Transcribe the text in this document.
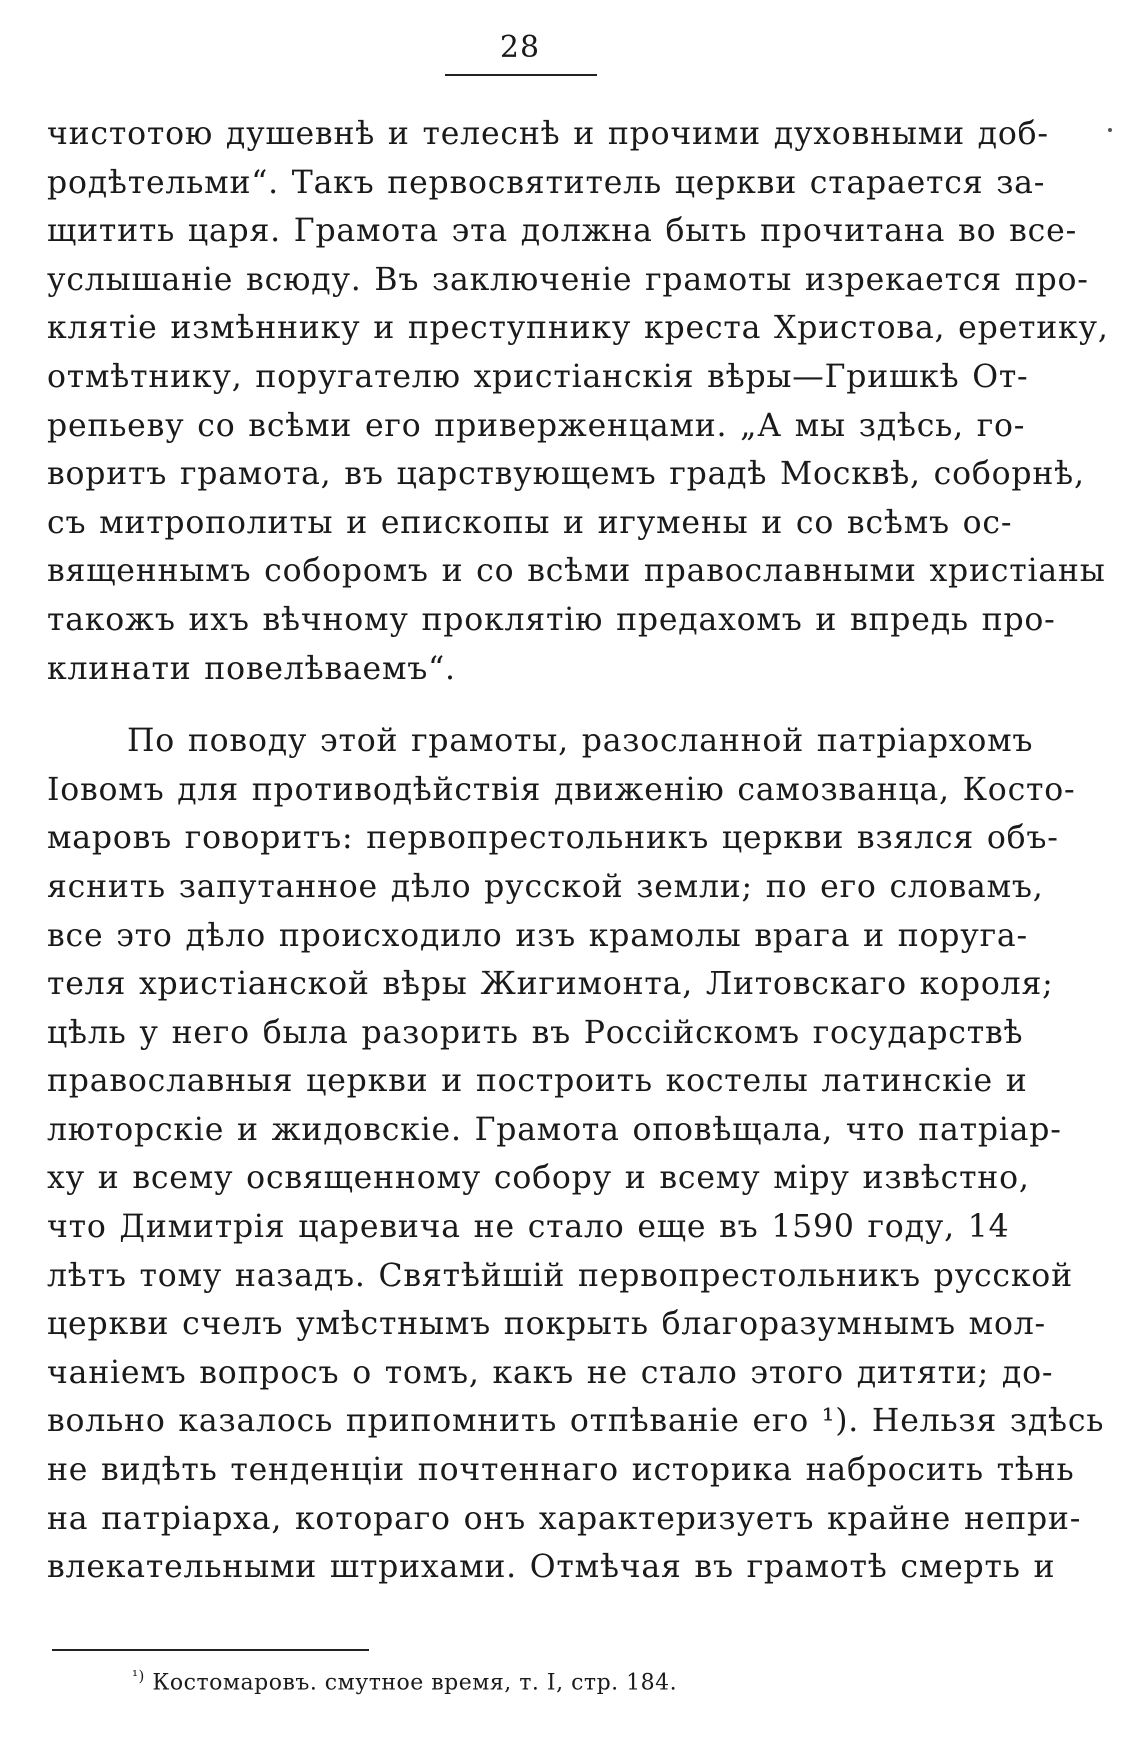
28
чистотою душевнѣ и телеснѣ и прочими духовными доб-
родѣтельми“. Такъ первосвятитель церкви старается за-
щитить царя. Грамота эта должна быть прочитана во все-
услышаніе всюду. Въ заключеніе грамоты изрекается про-
клятіе измѣннику и преступнику креста Христова, еретику,
отмѣтнику, поругателю христіанскія вѣры—Гришкѣ От-
репьеву со всѣми его приверженцами. „А мы здѣсь, го-
воритъ грамота, въ царствующемъ градѣ Москвѣ, соборнѣ,
съ митрополиты и епископы и игумены и со всѣмъ ос-
вященнымъ соборомъ и со всѣми православными христіаны
такожъ ихъ вѣчному проклятію предахомъ и впредь про-
клинати повелѣваемъ“.
По поводу этой грамоты, разосланной патріархомъ
Іовомъ для противодѣйствія движенію самозванца, Косто-
маровъ говоритъ: первопрестольникъ церкви взялся объ-
яснить запутанное дѣло русской земли; по его словамъ,
все это дѣло происходило изъ крамолы врага и поруга-
теля христіанской вѣры Жигимонта, Литовскаго короля;
цѣль у него была разорить въ Россійскомъ государствѣ
православныя церкви и построить костелы латинскіе и
люторскіе и жидовскіе. Грамота оповѣщала, что патріар-
ху и всему освященному собору и всему міру извѣстно,
что Димитрія царевича не стало еще въ 1590 году, 14
лѣтъ тому назадъ. Святѣйшій первопрестольникъ русской
церкви счелъ умѣстнымъ покрыть благоразумнымъ мол-
чаніемъ вопросъ о томъ, какъ не стало этого дитяти; до-
вольно казалось припомнить отпѣваніе его ¹). Нельзя здѣсь
не видѣть тенденціи почтеннаго историка набросить тѣнь
на патріарха, котораго онъ характеризуетъ крайне непри-
влекательными штрихами. Отмѣчая въ грамотѣ смерть и
$^{^1)}$ Костомаровъ. смутное время, т. I, стр. 184.
